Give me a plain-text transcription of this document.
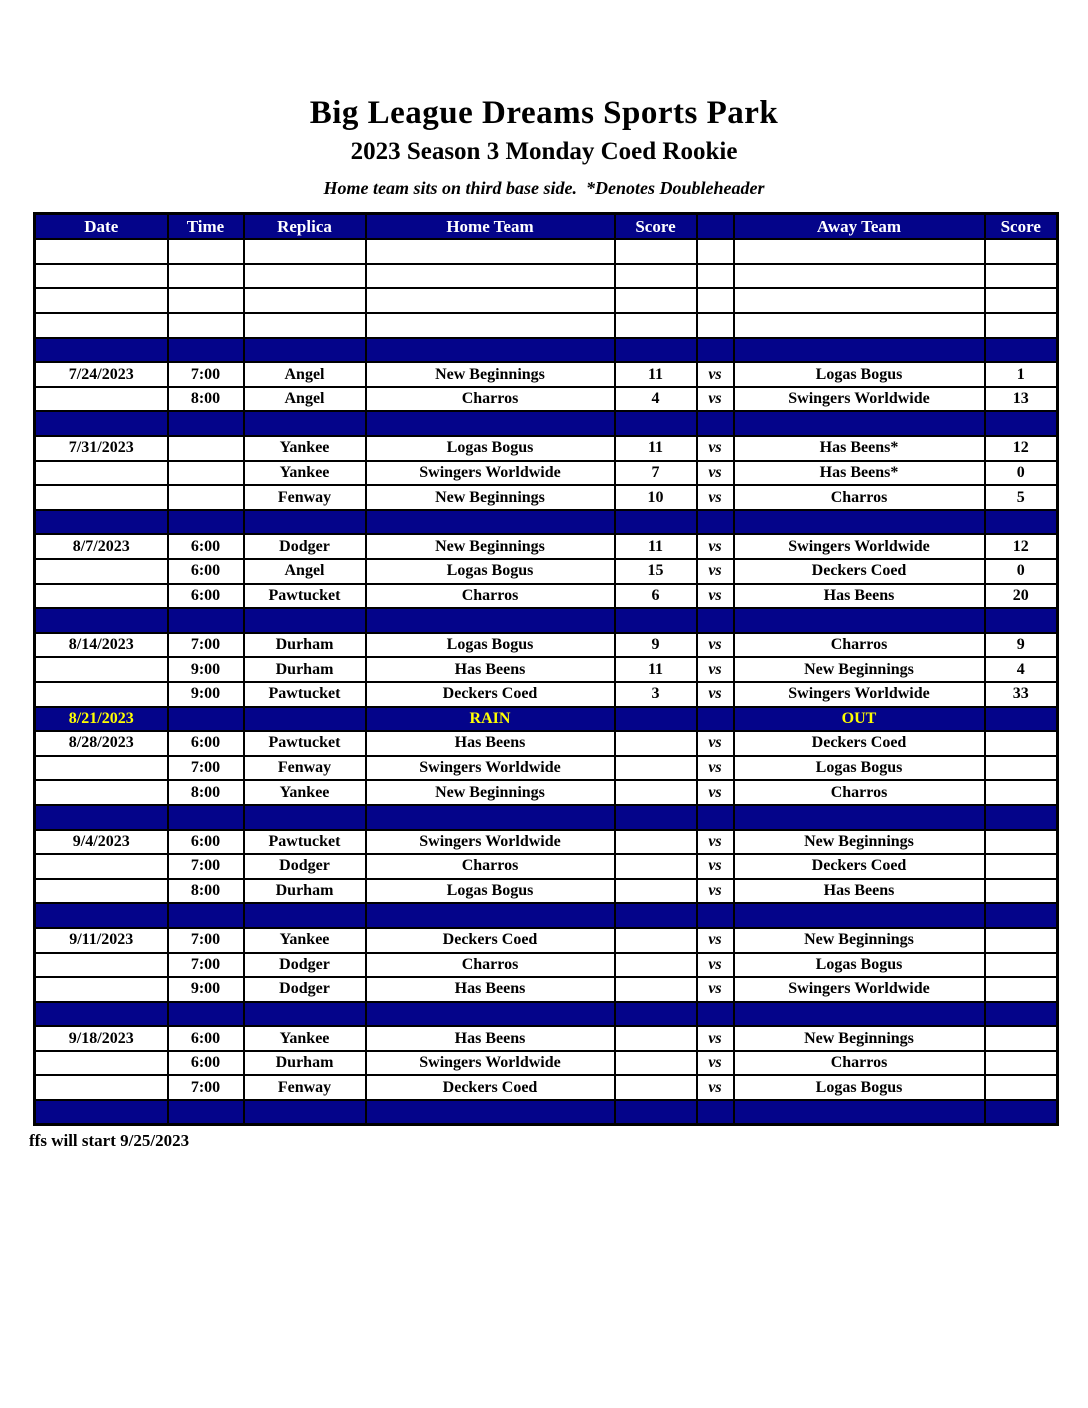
Big League Dreams Sports Park
2023 Season 3 Monday Coed Rookie
Home team sits on third base side.  *Denotes Doubleheader
Date	Time	Replica	Home Team	Score		Away Team	Score

7/24/2023	7:00	Angel	New Beginnings	11	vs	Logas Bogus	1
	8:00	Angel	Charros	4	vs	Swingers Worldwide	13

7/31/2023		Yankee	Logas Bogus	11	vs	Has Beens*	12
		Yankee	Swingers Worldwide	7	vs	Has Beens*	0
		Fenway	New Beginnings	10	vs	Charros	5

8/7/2023	6:00	Dodger	New Beginnings	11	vs	Swingers Worldwide	12
	6:00	Angel	Logas Bogus	15	vs	Deckers Coed	0
	6:00	Pawtucket	Charros	6	vs	Has Beens	20

8/14/2023	7:00	Durham	Logas Bogus	9	vs	Charros	9
	9:00	Durham	Has Beens	11	vs	New Beginnings	4
	9:00	Pawtucket	Deckers Coed	3	vs	Swingers Worldwide	33
8/21/2023			RAIN			OUT	
8/28/2023	6:00	Pawtucket	Has Beens		vs	Deckers Coed	
	7:00	Fenway	Swingers Worldwide		vs	Logas Bogus	
	8:00	Yankee	New Beginnings		vs	Charros	

9/4/2023	6:00	Pawtucket	Swingers Worldwide		vs	New Beginnings	
	7:00	Dodger	Charros		vs	Deckers Coed	
	8:00	Durham	Logas Bogus		vs	Has Beens	

9/11/2023	7:00	Yankee	Deckers Coed		vs	New Beginnings	
	7:00	Dodger	Charros		vs	Logas Bogus	
	9:00	Dodger	Has Beens		vs	Swingers Worldwide	

9/18/2023	6:00	Yankee	Has Beens		vs	New Beginnings	
	6:00	Durham	Swingers Worldwide		vs	Charros	
	7:00	Fenway	Deckers Coed		vs	Logas Bogus	

ffs will start 9/25/2023
